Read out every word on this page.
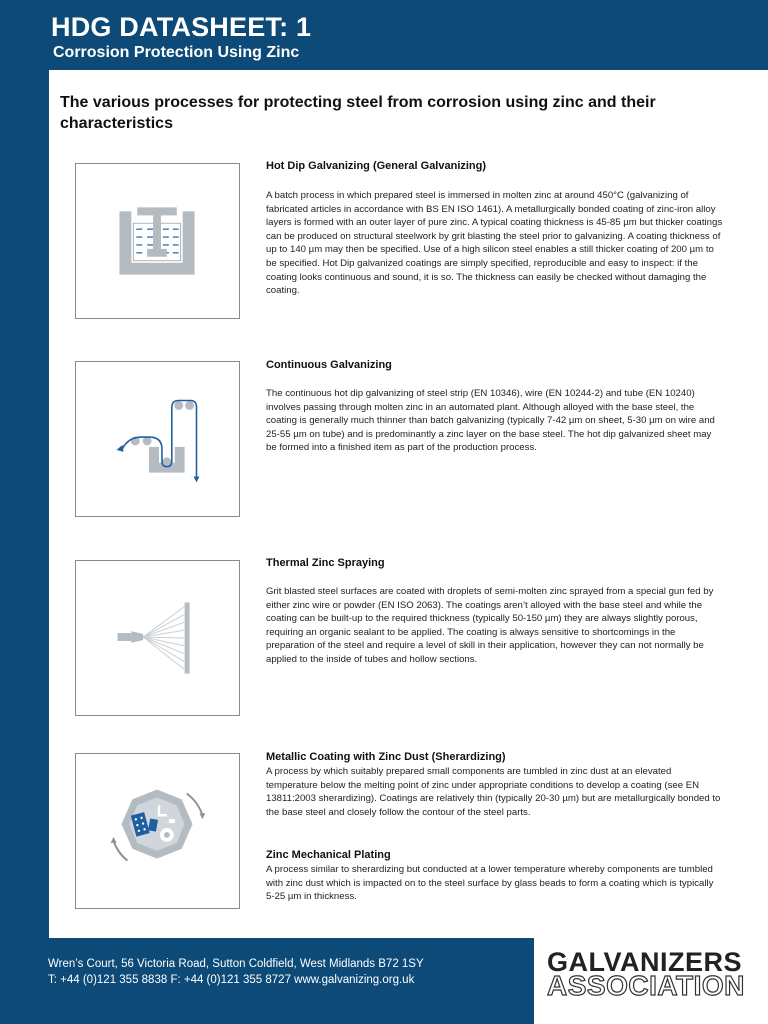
HDG DATASHEET: 1
Corrosion Protection Using Zinc
The various processes for protecting steel from corrosion using zinc and their characteristics
Hot Dip Galvanizing (General Galvanizing)
A batch process in which prepared steel is immersed in molten zinc at around 450°C (galvanizing of fabricated articles in accordance with BS EN ISO 1461). A metallurgically bonded coating of zinc-iron alloy layers is formed with an outer layer of pure zinc. A typical coating thickness is 45-85 µm but thicker coatings can be produced on structural steelwork by grit blasting the steel prior to galvanizing. A coating thickness of up to 140 µm may then be specified. Use of a high silicon steel enables a still thicker coating of 200 µm to be specified. Hot Dip galvanized coatings are simply specified, reproducible and easy to inspect: if the coating looks continuous and sound, it is so. The thickness can easily be checked without damaging the coating.
Continuous Galvanizing
The continuous hot dip galvanizing of steel strip (EN 10346), wire (EN 10244-2) and tube (EN 10240) involves passing through molten zinc in an automated plant. Although alloyed with the base steel, the coating is generally much thinner than batch galvanizing (typically 7-42 µm on sheet, 5-30 µm on wire and 25-55 µm on tube) and is predominantly a zinc layer on the base steel. The hot dip galvanized sheet may be formed into a finished item as part of the production process.
Thermal Zinc Spraying
Grit blasted steel surfaces are coated with droplets of semi-molten zinc sprayed from a special gun fed by either zinc wire or powder (EN ISO 2063). The coatings aren’t alloyed with the base steel and while the coating can be built-up to the required thickness (typically 50-150 µm) they are always slightly porous, requiring an organic sealant to be applied. The coating is always sensitive to shortcomings in the preparation of the steel and require a level of skill in their application, however they can not normally be applied to the inside of tubes and hollow sections.
Metallic Coating with Zinc Dust (Sherardizing)
A process by which suitably prepared small components are tumbled in zinc dust at an elevated temperature below the melting point of zinc under appropriate conditions to develop a coating (see EN 13811:2003 sherardizing). Coatings are relatively thin (typically 20-30 µm) but are metallurgically bonded to the base steel and closely follow the contour of the steel parts.
Zinc Mechanical Plating
A process similar to sherardizing but conducted at a lower temperature whereby components are tumbled with zinc dust which is impacted on to the steel surface by glass beads to form a coating which is typically 5-25 µm in thickness.
Wren’s Court, 56 Victoria Road, Sutton Coldfield, West Midlands B72 1SY
T: +44 (0)121 355 8838 F: +44 (0)121 355 8727 www.galvanizing.org.uk
GALVANIZERS
ASSOCIATION
